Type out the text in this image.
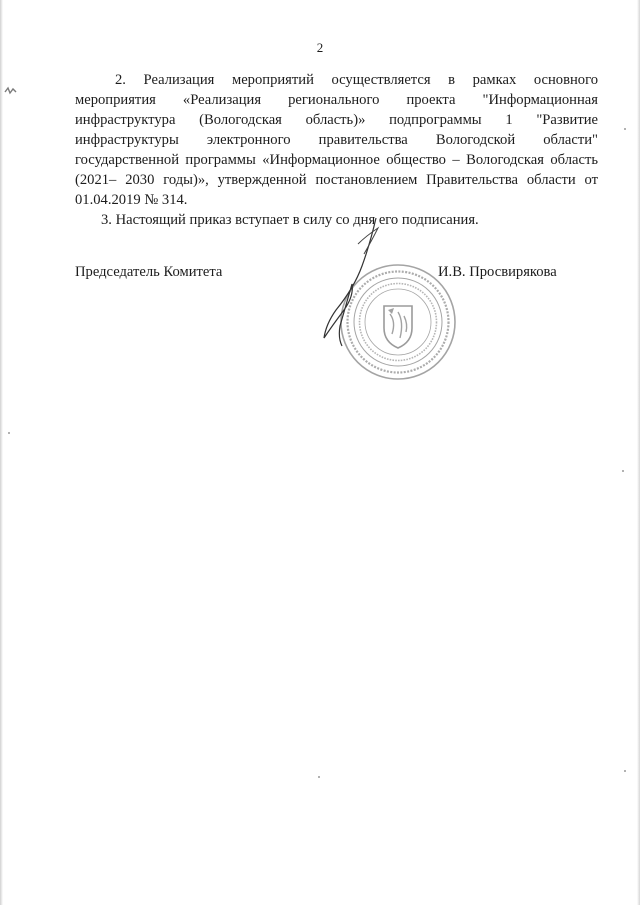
2

2. Реализация мероприятий осуществляется в рамках основного мероприятия «Реализация регионального проекта "Информационная инфраструктура (Вологодская область)» подпрограммы 1 "Развитие инфраструктуры электронного правительства Вологодской области" государственной программы «Информационное общество – Вологодская область (2021– 2030 годы)», утвержденной постановлением Правительства области от 01.04.2019 № 314.

3. Настоящий приказ вступает в силу со дня его подписания.

Председатель Комитета	И.В. Просвирякова
